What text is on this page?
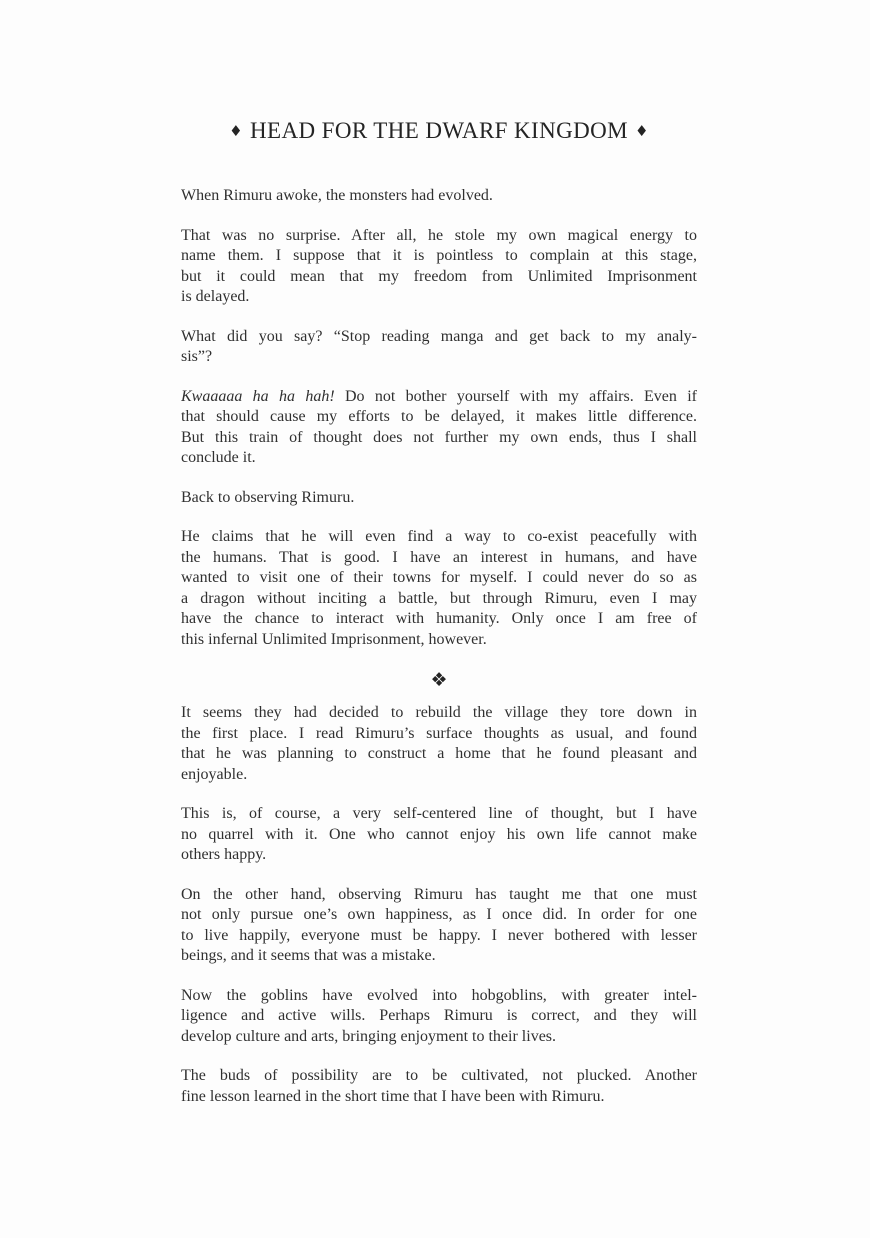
♦ HEAD FOR THE DWARF KINGDOM ♦

When Rimuru awoke, the monsters had evolved.

That was no surprise. After all, he stole my own magical energy to
name them. I suppose that it is pointless to complain at this stage,
but it could mean that my freedom from Unlimited Imprisonment
is delayed.

What did you say? “Stop reading manga and get back to my analy-
sis”?

Kwaaaaa ha ha hah! Do not bother yourself with my affairs. Even if
that should cause my efforts to be delayed, it makes little difference.
But this train of thought does not further my own ends, thus I shall
conclude it.

Back to observing Rimuru.

He claims that he will even find a way to co-exist peacefully with
the humans. That is good. I have an interest in humans, and have
wanted to visit one of their towns for myself. I could never do so as
a dragon without inciting a battle, but through Rimuru, even I may
have the chance to interact with humanity. Only once I am free of
this infernal Unlimited Imprisonment, however.

❖

It seems they had decided to rebuild the village they tore down in
the first place. I read Rimuru’s surface thoughts as usual, and found
that he was planning to construct a home that he found pleasant and
enjoyable.

This is, of course, a very self-centered line of thought, but I have
no quarrel with it. One who cannot enjoy his own life cannot make
others happy.

On the other hand, observing Rimuru has taught me that one must
not only pursue one’s own happiness, as I once did. In order for one
to live happily, everyone must be happy. I never bothered with lesser
beings, and it seems that was a mistake.

Now the goblins have evolved into hobgoblins, with greater intel-
ligence and active wills. Perhaps Rimuru is correct, and they will
develop culture and arts, bringing enjoyment to their lives.

The buds of possibility are to be cultivated, not plucked. Another
fine lesson learned in the short time that I have been with Rimuru.
